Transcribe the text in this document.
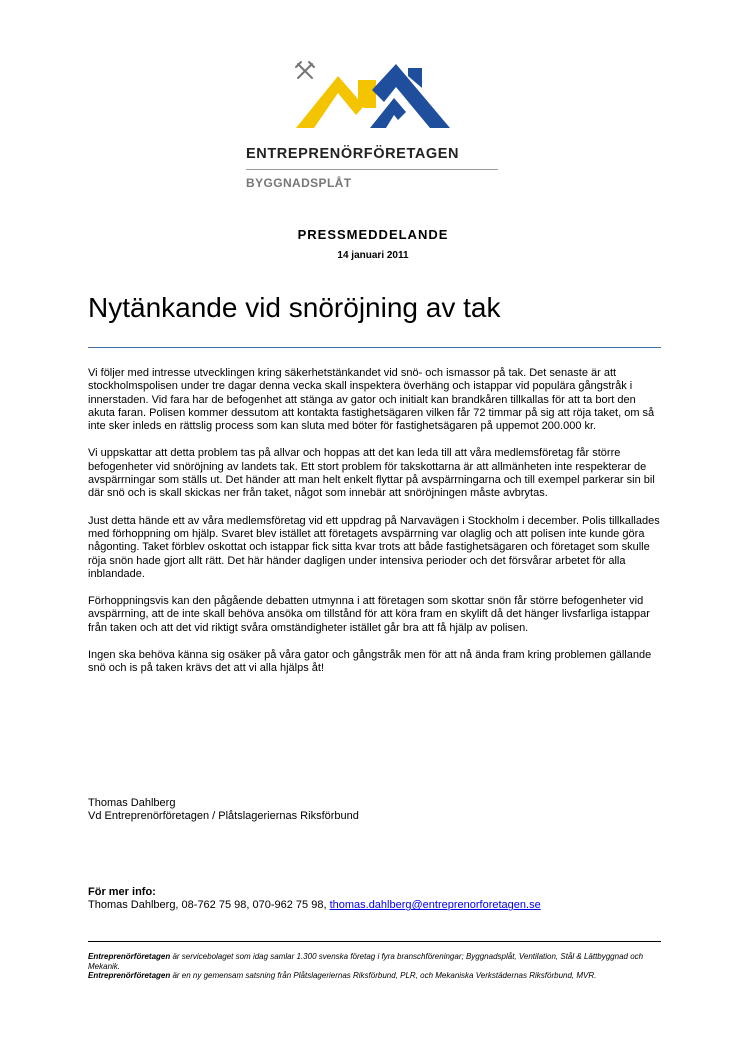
ENTREPRENÖRFÖRETAGEN
BYGGNADSPLÅT
PRESSMEDDELANDE
14 januari 2011
Nytänkande vid snöröjning av tak

Vi följer med intresse utvecklingen kring säkerhetstänkandet vid snö- och ismassor på tak. Det senaste är att stockholmspolisen under tre dagar denna vecka skall inspektera överhäng och istappar vid populära gångstråk i innerstaden. Vid fara har de befogenhet att stänga av gator och initialt kan brandkåren tillkallas för att ta bort den akuta faran. Polisen kommer dessutom att kontakta fastighetsägaren vilken får 72 timmar på sig att röja taket, om så inte sker inleds en rättslig process som kan sluta med böter för fastighetsägaren på uppemot 200.000 kr.

Vi uppskattar att detta problem tas på allvar och hoppas att det kan leda till att våra medlemsföretag får större befogenheter vid snöröjning av landets tak. Ett stort problem för takskottarna är att allmänheten inte respekterar de avspärrningar som ställs ut. Det händer att man helt enkelt flyttar på avspärrningarna och till exempel parkerar sin bil där snö och is skall skickas ner från taket, något som innebär att snöröjningen måste avbrytas.

Just detta hände ett av våra medlemsföretag vid ett uppdrag på Narvavägen i Stockholm i december. Polis tillkallades med förhoppning om hjälp. Svaret blev istället att företagets avspärrning var olaglig och att polisen inte kunde göra någonting. Taket förblev oskottat och istappar fick sitta kvar trots att både fastighetsägaren och företaget som skulle röja snön hade gjort allt rätt. Det här händer dagligen under intensiva perioder och det försvårar arbetet för alla inblandade.

Förhoppningsvis kan den pågående debatten utmynna i att företagen som skottar snön får större befogenheter vid avspärrning, att de inte skall behöva ansöka om tillstånd för att köra fram en skylift då det hänger livsfarliga istappar från taken och att det vid riktigt svåra omständigheter istället går bra att få hjälp av polisen.

Ingen ska behöva känna sig osäker på våra gator och gångstråk men för att nå ända fram kring problemen gällande snö och is på taken krävs det att vi alla hjälps åt!

Thomas Dahlberg
Vd Entreprenörföretagen / Plåtslageriernas Riksförbund
För mer info:
Thomas Dahlberg, 08-762 75 98, 070-962 75 98, thomas.dahlberg@entreprenorforetagen.se
Entreprenörföretagen är servicebolaget som idag samlar 1.300 svenska företag i fyra branschföreningar; Byggnadsplåt, Ventilation, Stål & Lättbyggnad och Mekanik.
Entreprenörföretagen är en ny gemensam satsning från Plåtslageriernas Riksförbund, PLR, och Mekaniska Verkstädernas Riksförbund, MVR.
